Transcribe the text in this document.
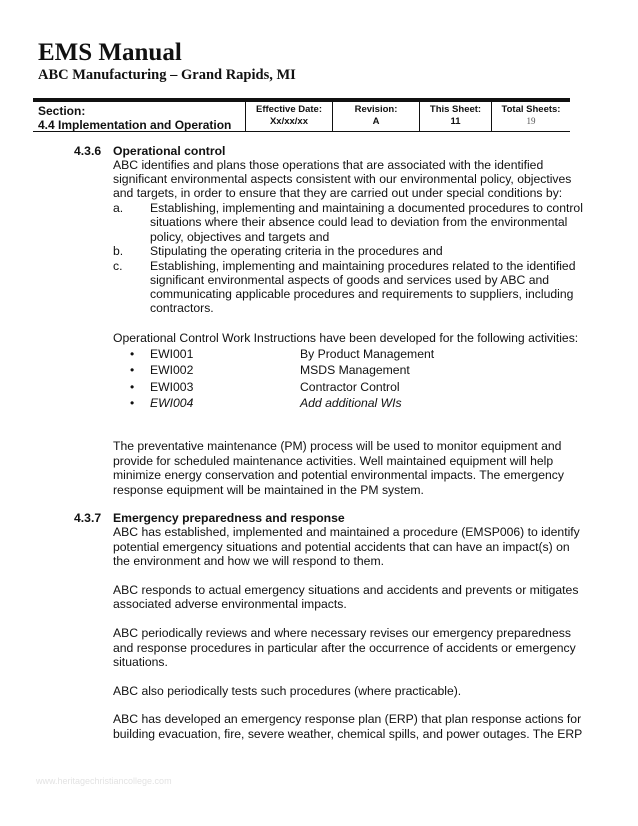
EMS Manual
ABC Manufacturing – Grand Rapids, MI
Section:
4.4 Implementation and Operation
Effective Date:
Xx/xx/xx
Revision:
A
This Sheet:
11
Total Sheets:
19
4.3.6 Operational control
ABC identifies and plans those operations that are associated with the identified
significant environmental aspects consistent with our environmental policy, objectives
and targets, in order to ensure that they are carried out under special conditions by:
a. Establishing, implementing and maintaining a documented procedures to control
situations where their absence could lead to deviation from the environmental
policy, objectives and targets and
b. Stipulating the operating criteria in the procedures and
c. Establishing, implementing and maintaining procedures related to the identified
significant environmental aspects of goods and services used by ABC and
communicating applicable procedures and requirements to suppliers, including
contractors.
Operational Control Work Instructions have been developed for the following activities:
• EWI001	By Product Management
• EWI002	MSDS Management
• EWI003	Contractor Control
• EWI004	Add additional WIs
The preventative maintenance (PM) process will be used to monitor equipment and
provide for scheduled maintenance activities. Well maintained equipment will help
minimize energy conservation and potential environmental impacts. The emergency
response equipment will be maintained in the PM system.
4.3.7 Emergency preparedness and response
ABC has established, implemented and maintained a procedure (EMSP006) to identify
potential emergency situations and potential accidents that can have an impact(s) on
the environment and how we will respond to them.
ABC responds to actual emergency situations and accidents and prevents or mitigates
associated adverse environmental impacts.
ABC periodically reviews and where necessary revises our emergency preparedness
and response procedures in particular after the occurrence of accidents or emergency
situations.
ABC also periodically tests such procedures (where practicable).
ABC has developed an emergency response plan (ERP) that plan response actions for
building evacuation, fire, severe weather, chemical spills, and power outages. The ERP
www.heritagechristiancollege.com
